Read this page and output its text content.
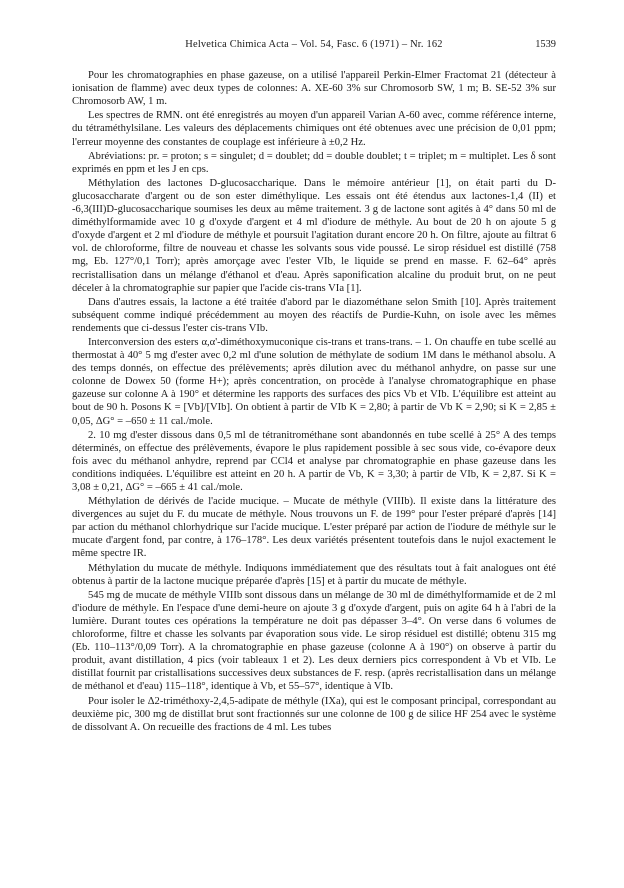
Helvetica Chimica Acta – Vol. 54, Fasc. 6 (1971) – Nr. 162	1539

Pour les chromatographies en phase gazeuse, on a utilisé l'appareil Perkin-Elmer Fractomat 21 (détecteur à ionisation de flamme) avec deux types de colonnes: A. XE-60 3% sur Chromosorb SW, 1 m; B. SE-52 3% sur Chromosorb AW, 1 m.

Les spectres de RMN. ont été enregistrés au moyen d'un appareil Varian A-60 avec, comme référence interne, du tétraméthylsilane. Les valeurs des déplacements chimiques ont été obtenues avec une précision de 0,01 ppm; l'erreur moyenne des constantes de couplage est inférieure à ±0,2 Hz.

Abréviations: pr. = proton; s = singulet; d = doublet; dd = double doublet; t = triplet; m = multiplet. Les δ sont exprimés en ppm et les J en cps.

Méthylation des lactones D-glucosaccharique. Dans le mémoire antérieur [1], on était parti du D-glucosaccharate d'argent ou de son ester diméthylique. Les essais ont été étendus aux lactones-1,4 (II) et -6,3(III)D-glucosaccharique soumises les deux au même traitement. 3 g de lactone sont agités à 4° dans 50 ml de diméthylformamide avec 10 g d'oxyde d'argent et 4 ml d'iodure de méthyle. Au bout de 20 h on ajoute 5 g d'oxyde d'argent et 2 ml d'iodure de méthyle et poursuit l'agitation durant encore 20 h. On filtre, ajoute au filtrat 6 vol. de chloroforme, filtre de nouveau et chasse les solvants sous vide poussé. Le sirop résiduel est distillé (758 mg, Eb. 127°/0,1 Torr); après amorçage avec l'ester VIb, le liquide se prend en masse. F. 62–64° après recristallisation dans un mélange d'éthanol et d'eau. Après saponification alcaline du produit brut, on ne peut déceler à la chromatographie sur papier que l'acide cis-trans VIa [1].

Dans d'autres essais, la lactone a été traitée d'abord par le diazométhane selon Smith [10]. Après traitement subséquent comme indiqué précédemment au moyen des réactifs de Purdie-Kuhn, on isole avec les mêmes rendements que ci-dessus l'ester cis-trans VIb.

Interconversion des esters α,α'-diméthoxymuconique cis-trans et trans-trans. – 1. On chauffe en tube scellé au thermostat à 40° 5 mg d'ester avec 0,2 ml d'une solution de méthylate de sodium 1M dans le méthanol absolu. A des temps donnés, on effectue des prélèvements; après dilution avec du méthanol anhydre, on passe sur une colonne de Dowex 50 (forme H+); après concentration, on procède à l'analyse chromatographique en phase gazeuse sur colonne A à 190° et détermine les rapports des surfaces des pics Vb et VIb. L'équilibre est atteint au bout de 90 h. Posons K = [Vb]/[VIb]. On obtient à partir de VIb K = 2,80; à partir de Vb K = 2,90; si K = 2,85 ± 0,05, ΔG° = –650 ± 11 cal./mole.

2. 10 mg d'ester dissous dans 0,5 ml de tétranitrométhane sont abandonnés en tube scellé à 25° A des temps déterminés, on effectue des prélèvements, évapore le plus rapidement possible à sec sous vide, co-évapore deux fois avec du méthanol anhydre, reprend par CCl4 et analyse par chromatographie en phase gazeuse dans les conditions indiquées. L'équilibre est atteint en 20 h. A partir de Vb, K = 3,30; à partir de VIb, K = 2,87. Si K = 3,08 ± 0,21, ΔG° = –665 ± 41 cal./mole.

Méthylation de dérivés de l'acide mucique. – Mucate de méthyle (VIIIb). Il existe dans la littérature des divergences au sujet du F. du mucate de méthyle. Nous trouvons un F. de 199° pour l'ester préparé d'après [14] par action du méthanol chlorhydrique sur l'acide mucique. L'ester préparé par action de l'iodure de méthyle sur le mucate d'argent fond, par contre, à 176–178°. Les deux variétés présentent toutefois dans le nujol exactement le même spectre IR.

Méthylation du mucate de méthyle. Indiquons immédiatement que des résultats tout à fait analogues ont été obtenus à partir de la lactone mucique préparée d'après [15] et à partir du mucate de méthyle.

545 mg de mucate de méthyle VIIIb sont dissous dans un mélange de 30 ml de diméthylformamide et de 2 ml d'iodure de méthyle. En l'espace d'une demi-heure on ajoute 3 g d'oxyde d'argent, puis on agite 64 h à l'abri de la lumière. Durant toutes ces opérations la température ne doit pas dépasser 3–4°. On verse dans 6 volumes de chloroforme, filtre et chasse les solvants par évaporation sous vide. Le sirop résiduel est distillé; obtenu 315 mg (Eb. 110–113°/0,09 Torr). A la chromatographie en phase gazeuse (colonne A à 190°) on observe à partir du produit, avant distillation, 4 pics (voir tableaux 1 et 2). Les deux derniers pics correspondent à Vb et VIb. Le distillat fournit par cristallisations successives deux substances de F. resp. (après recristallisation dans un mélange de méthanol et d'eau) 115–118°, identique à Vb, et 55–57°, identique à VIb.

Pour isoler le Δ2-triméthoxy-2,4,5-adipate de méthyle (IXa), qui est le composant principal, correspondant au deuxième pic, 300 mg de distillat brut sont fractionnés sur une colonne de 100 g de silice HF 254 avec le système de dissolvant A. On recueille des fractions de 4 ml. Les tubes
